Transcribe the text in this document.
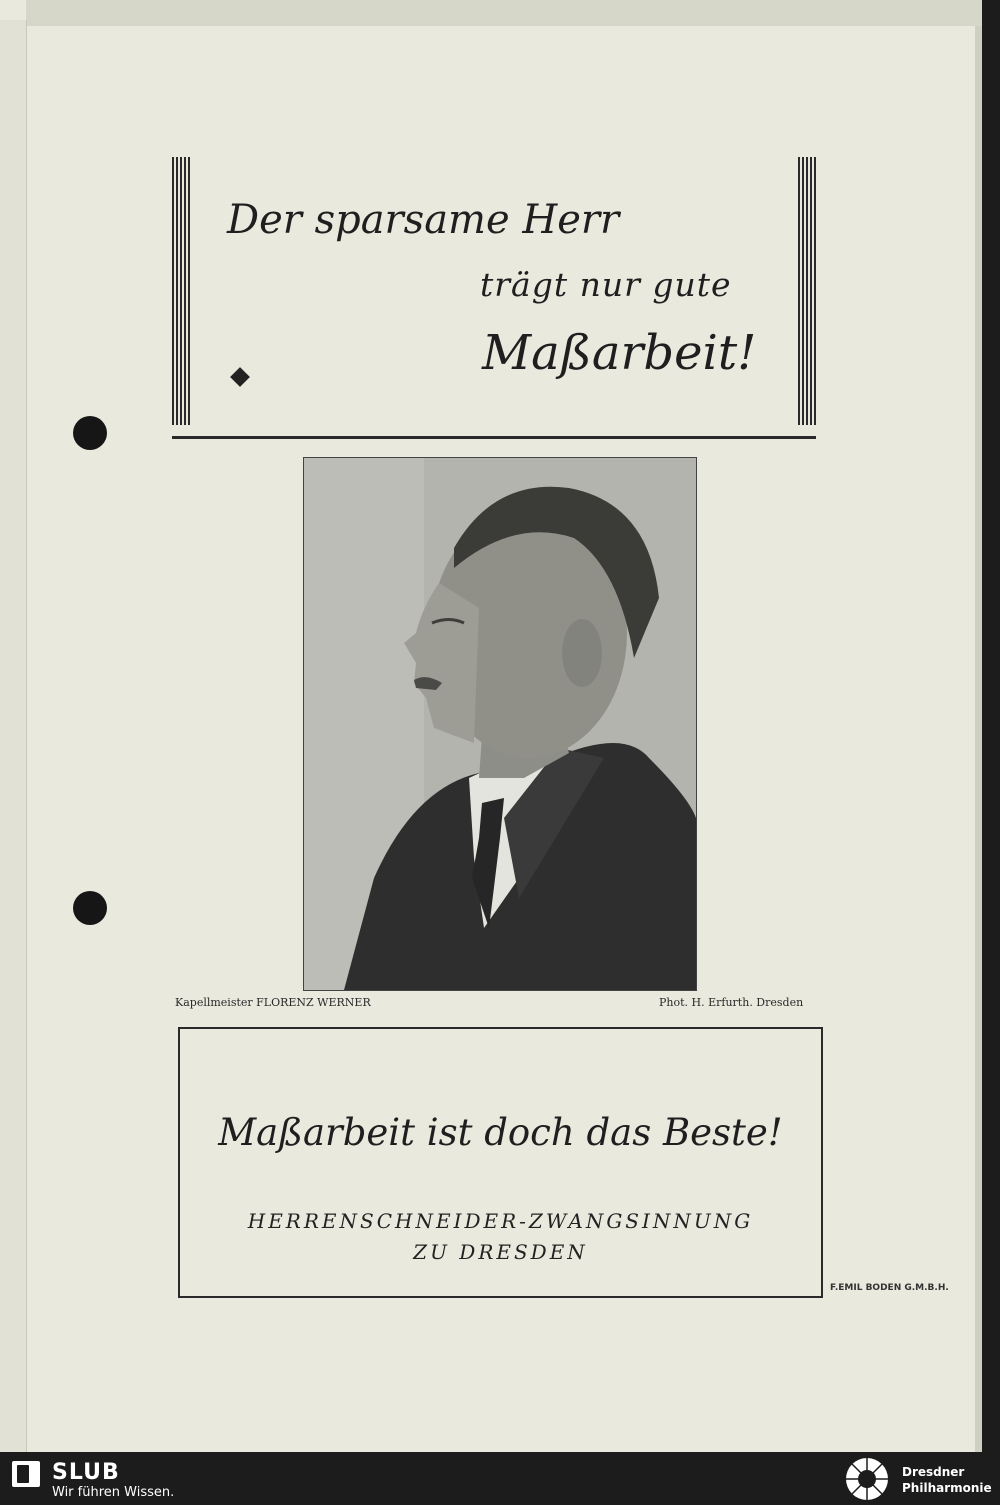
Der sparsame Herr
trägt nur gute
Maßarbeit!
Kapellmeister FLORENZ WERNER	Phot. H. Erfurth. Dresden
Maßarbeit ist doch das Beste!
HERRENSCHNEIDER-ZWANGSINNUNG
ZU DRESDEN
F.EMIL BODEN G.M.B.H.
SLUB
Wir führen Wissen.
Dresdner
Philharmonie
